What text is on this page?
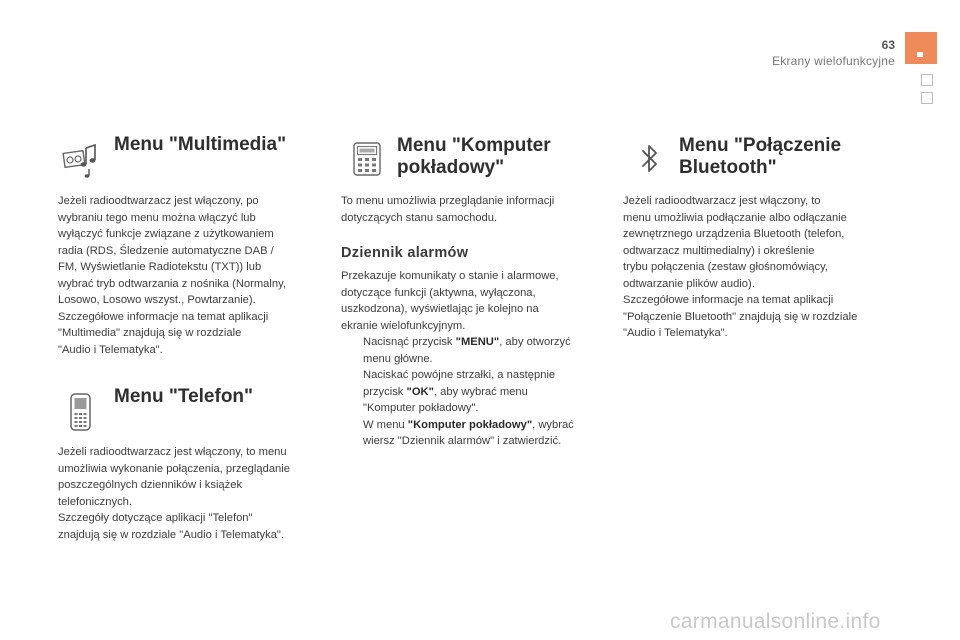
63
Ekrany wielofunkcyjne
Menu "Multimedia"

Jeżeli radioodtwarzacz jest włączony, po

wybraniu tego menu można włączyć lub

wyłączyć funkcje związane z użytkowaniem

radia (RDS, Śledzenie automatyczne DAB /

FM, Wyświetlanie Radiotekstu (TXT)) lub

wybrać tryb odtwarzania z nośnika (Normalny,

Losowo, Losowo wszyst., Powtarzanie).

Szczegółowe informacje na temat aplikacji

"Multimedia" znajdują się w rozdziale

"Audio i Telematyka".

Menu "Telefon"

Jeżeli radioodtwarzacz jest włączony, to menu

umożliwia wykonanie połączenia, przeglądanie

poszczególnych dzienników i książek

telefonicznych.

Szczegóły dotyczące aplikacji "Telefon"

znajdują się w rozdziale "Audio i Telematyka".

Menu "Komputer
pokładowy"

To menu umożliwia przeglądanie informacji

dotyczących stanu samochodu.

Dziennik alarmów

Przekazuje komunikaty o stanie i alarmowe,

dotyczące funkcji (aktywna, wyłączona,

uszkodzona), wyświetlając je kolejno na

ekranie wielofunkcyjnym.

Nacisnąć przycisk "MENU", aby otworzyć
menu główne.
Naciskać powójne strzałki, a następnie
przycisk "OK", aby wybrać menu
"Komputer pokładowy".
W menu "Komputer pokładowy", wybrać
wiersz "Dziennik alarmów" i zatwierdzić.
Menu "Połączenie
Bluetooth"

Jeżeli radioodtwarzacz jest włączony, to

menu umożliwia podłączanie albo odłączanie

zewnętrznego urządzenia Bluetooth (telefon,

odtwarzacz multimedialny) i określenie

trybu połączenia (zestaw głośnomówiący,

odtwarzanie plików audio).

Szczegółowe informacje na temat aplikacji

"Połączenie Bluetooth" znajdują się w rozdziale

"Audio i Telematyka".

carmanualsonline.info
